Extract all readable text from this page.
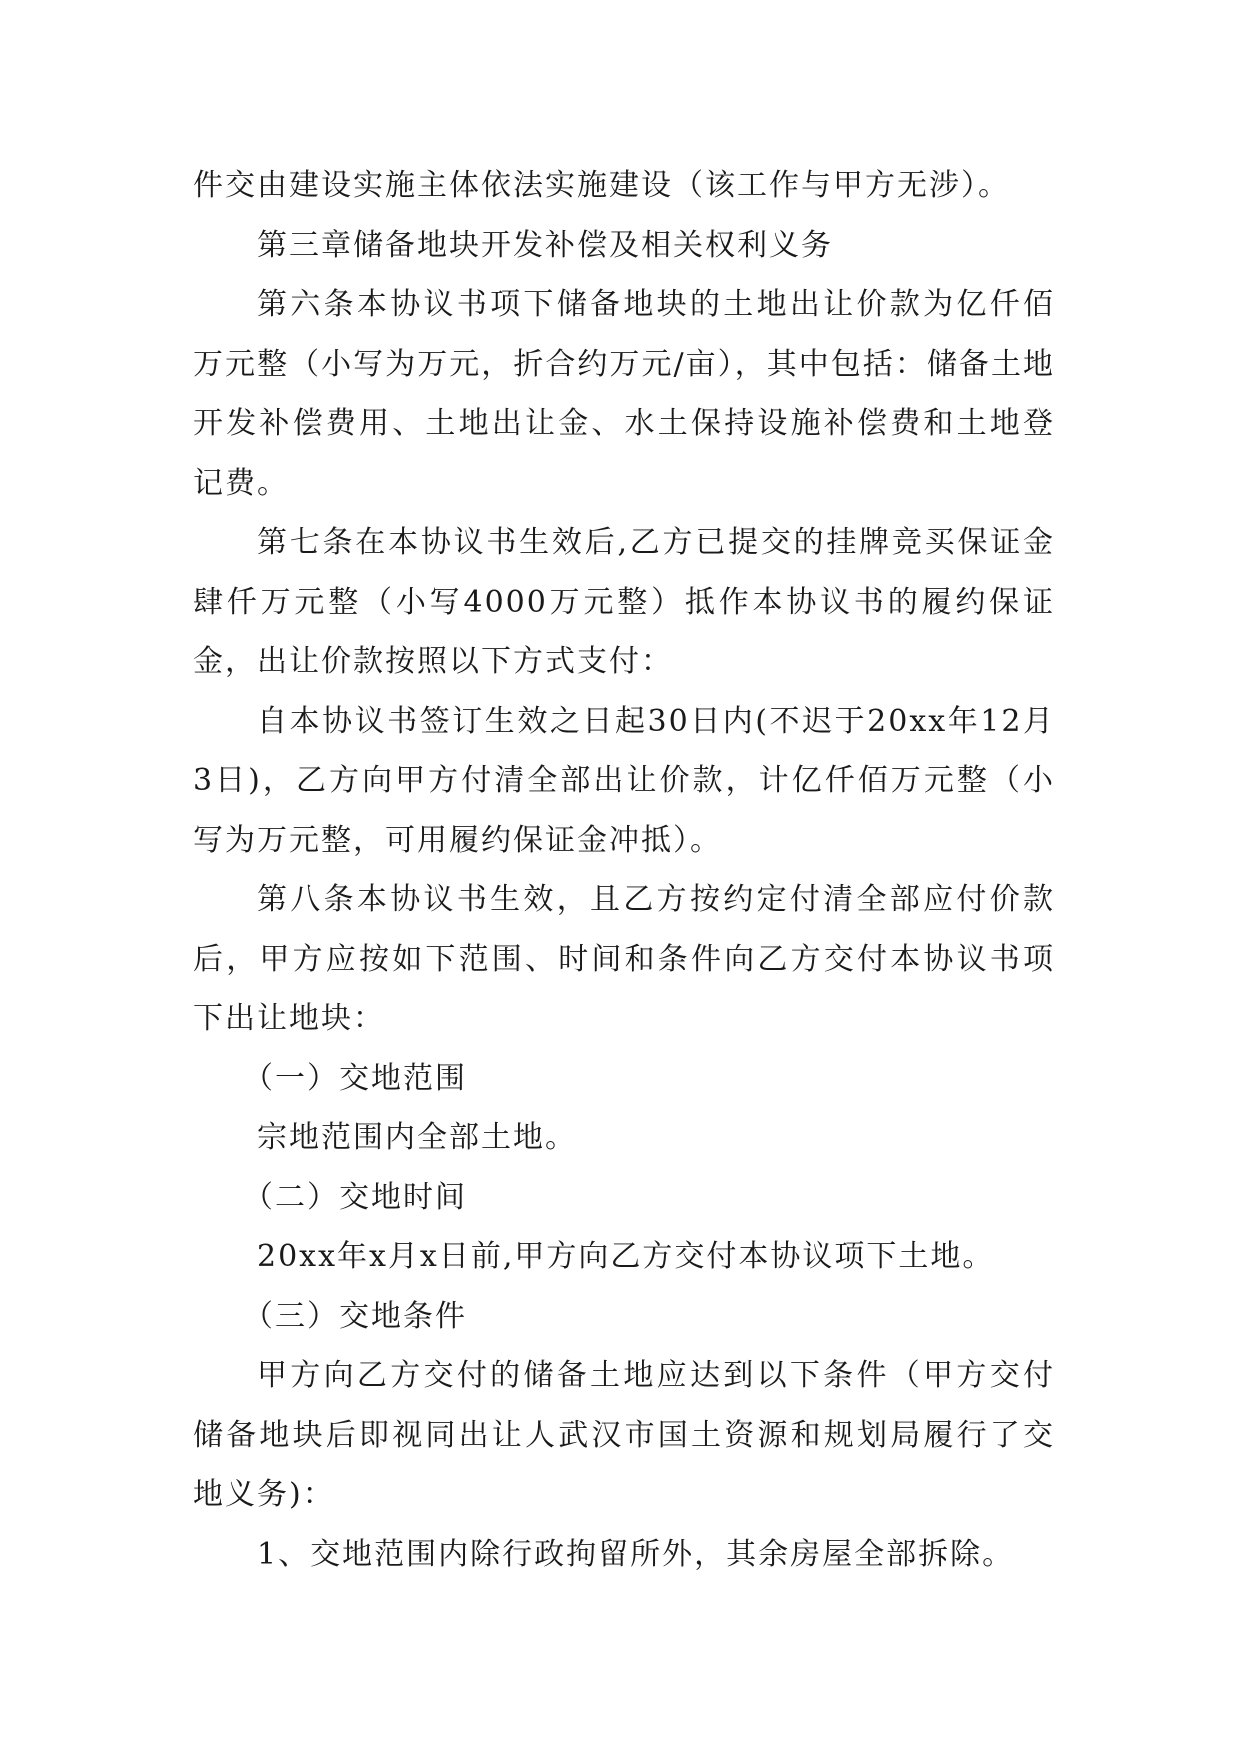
件交由建设实施主体依法实施建设（该工作与甲方无涉）。

第三章储备地块开发补偿及相关权利义务

第六条本协议书项下储备地块的土地出让价款为亿仟佰万元整（小写为万元，折合约万元/亩），其中包括：储备土地开发补偿费用、土地出让金、水土保持设施补偿费和土地登记费。

第七条在本协议书生效后,乙方已提交的挂牌竞买保证金肆仟万元整（小写4000万元整）抵作本协议书的履约保证金，出让价款按照以下方式支付：

自本协议书签订生效之日起30日内(不迟于20xx年12月3日)，乙方向甲方付清全部出让价款，计亿仟佰万元整（小写为万元整，可用履约保证金冲抵）。

第八条本协议书生效，且乙方按约定付清全部应付价款后，甲方应按如下范围、时间和条件向乙方交付本协议书项下出让地块：

（一）交地范围

宗地范围内全部土地。

（二）交地时间

20xx年x月x日前,甲方向乙方交付本协议项下土地。

（三）交地条件

甲方向乙方交付的储备土地应达到以下条件（甲方交付储备地块后即视同出让人武汉市国土资源和规划局履行了交地义务)：

1、交地范围内除行政拘留所外，其余房屋全部拆除。
